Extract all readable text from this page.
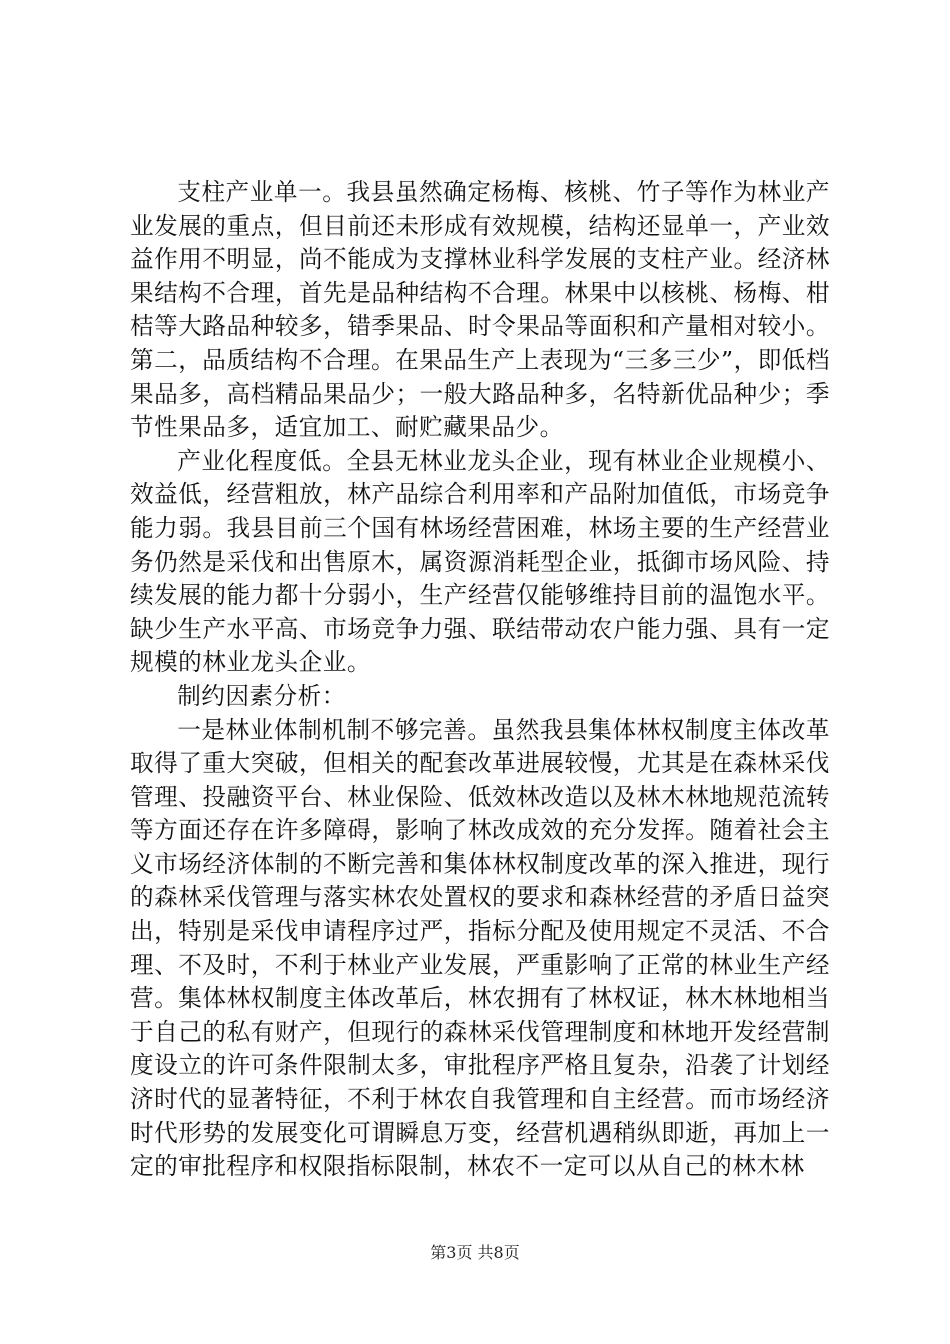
支柱产业单一。我县虽然确定杨梅、核桃、竹子等作为林业产业发展的重点，但目前还未形成有效规模，结构还显单一，产业效益作用不明显，尚不能成为支撑林业科学发展的支柱产业。经济林果结构不合理，首先是品种结构不合理。林果中以核桃、杨梅、柑桔等大路品种较多，错季果品、时令果品等面积和产量相对较小。第二，品质结构不合理。在果品生产上表现为“三多三少”，即低档果品多，高档精品果品少；一般大路品种多，名特新优品种少；季节性果品多，适宜加工、耐贮藏果品少。

产业化程度低。全县无林业龙头企业，现有林业企业规模小、效益低，经营粗放，林产品综合利用率和产品附加值低，市场竞争能力弱。我县目前三个国有林场经营困难，林场主要的生产经营业务仍然是采伐和出售原木，属资源消耗型企业，抵御市场风险、持续发展的能力都十分弱小，生产经营仅能够维持目前的温饱水平。缺少生产水平高、市场竞争力强、联结带动农户能力强、具有一定规模的林业龙头企业。

制约因素分析：

一是林业体制机制不够完善。虽然我县集体林权制度主体改革取得了重大突破，但相关的配套改革进展较慢，尤其是在森林采伐管理、投融资平台、林业保险、低效林改造以及林木林地规范流转等方面还存在许多障碍，影响了林改成效的充分发挥。随着社会主义市场经济体制的不断完善和集体林权制度改革的深入推进，现行的森林采伐管理与落实林农处置权的要求和森林经营的矛盾日益突出，特别是采伐申请程序过严，指标分配及使用规定不灵活、不合理、不及时，不利于林业产业发展，严重影响了正常的林业生产经营。集体林权制度主体改革后，林农拥有了林权证，林木林地相当于自己的私有财产，但现行的森林采伐管理制度和林地开发经营制度设立的许可条件限制太多，审批程序严格且复杂，沿袭了计划经济时代的显著特征，不利于林农自我管理和自主经营。而市场经济时代形势的发展变化可谓瞬息万变，经营机遇稍纵即逝，再加上一定的审批程序和权限指标限制，林农不一定可以从自己的林木林

第3页 共8页
